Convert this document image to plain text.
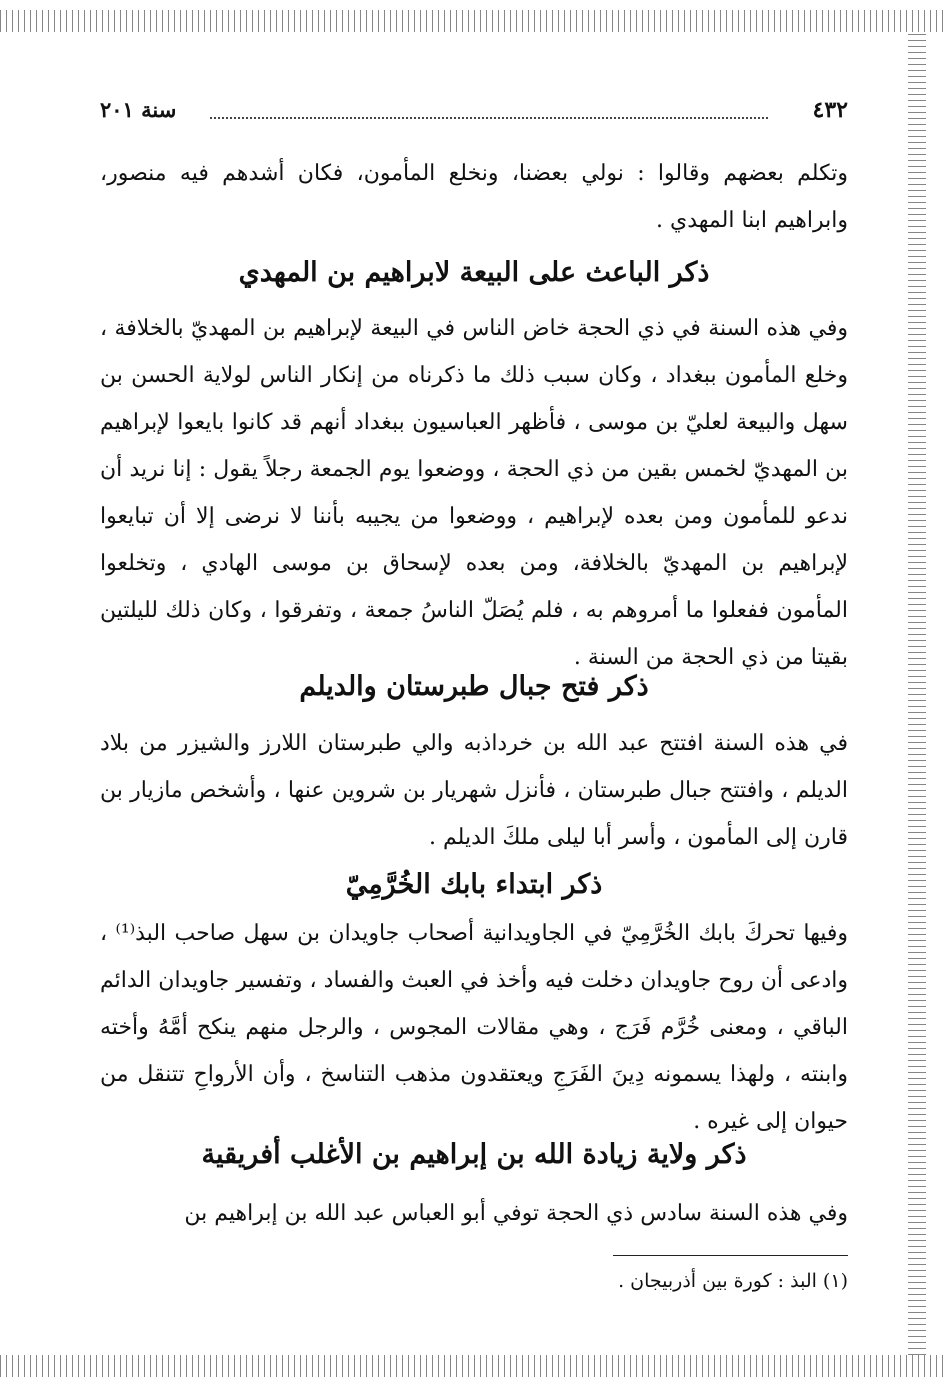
٤٣٢
سنة ٢٠١

وتكلم بعضهم وقالوا : نولي بعضنا، ونخلع المأمون، فكان أشدهم فيه منصور، وابراهيم ابنا المهدي .

ذكر الباعث على البيعة لابراهيم بن المهدي

وفي هذه السنة في ذي الحجة خاض الناس في البيعة لإبراهيم بن المهديّ بالخلافة ، وخلع المأمون ببغداد ، وكان سبب ذلك ما ذكرناه من إنكار الناس لولاية الحسن بن سهل والبيعة لعليّ بن موسى ، فأظهر العباسيون ببغداد أنهم قد كانوا بايعوا لإبراهيم بن المهديّ لخمس بقين من ذي الحجة ، ووضعوا يوم الجمعة رجلاً يقول : إنا نريد أن ندعو للمأمون ومن بعده لإبراهيم ، ووضعوا من يجيبه بأننا لا نرضى إلا أن تبايعوا لإبراهيم بن المهديّ بالخلافة، ومن بعده لإسحاق بن موسى الهادي ، وتخلعوا المأمون ففعلوا ما أمروهم به ، فلم يُصَلّ الناسُ جمعة ، وتفرقوا ، وكان ذلك لليلتين بقيتا من ذي الحجة من السنة .

ذكر فتح جبال طبرستان والديلم

في هذه السنة افتتح عبد الله بن خرداذبه والي طبرستان اللارز والشيزر من بلاد الديلم ، وافتتح جبال طبرستان ، فأنزل شهريار بن شروين عنها ، وأشخص مازيار بن قارن إلى المأمون ، وأسر أبا ليلى ملكَ الديلم .

ذكر ابتداء بابك الخُرَّمِيّ

وفيها تحركَ بابك الخُرَّمِيّ في الجاويدانية أصحاب جاويدان بن سهل صاحب البذ⁽¹⁾ ، وادعى أن روح جاويدان دخلت فيه وأخذ في العبث والفساد ، وتفسير جاويدان الدائم الباقي ، ومعنى خُرَّم فَرَج ، وهي مقالات المجوس ، والرجل منهم ينكح أمَّهُ وأخته وابنته ، ولهذا يسمونه دِينَ الفَرَجِ ويعتقدون مذهب التناسخ ، وأن الأرواحِ تتنقل من حيوان إلى غيره .

ذكر ولاية زيادة الله بن إبراهيم بن الأغلب أفريقية

وفي هذه السنة سادس ذي الحجة توفي أبو العباس عبد الله بن إبراهيم بن

(١) البذ : كورة بين أذربيجان .
